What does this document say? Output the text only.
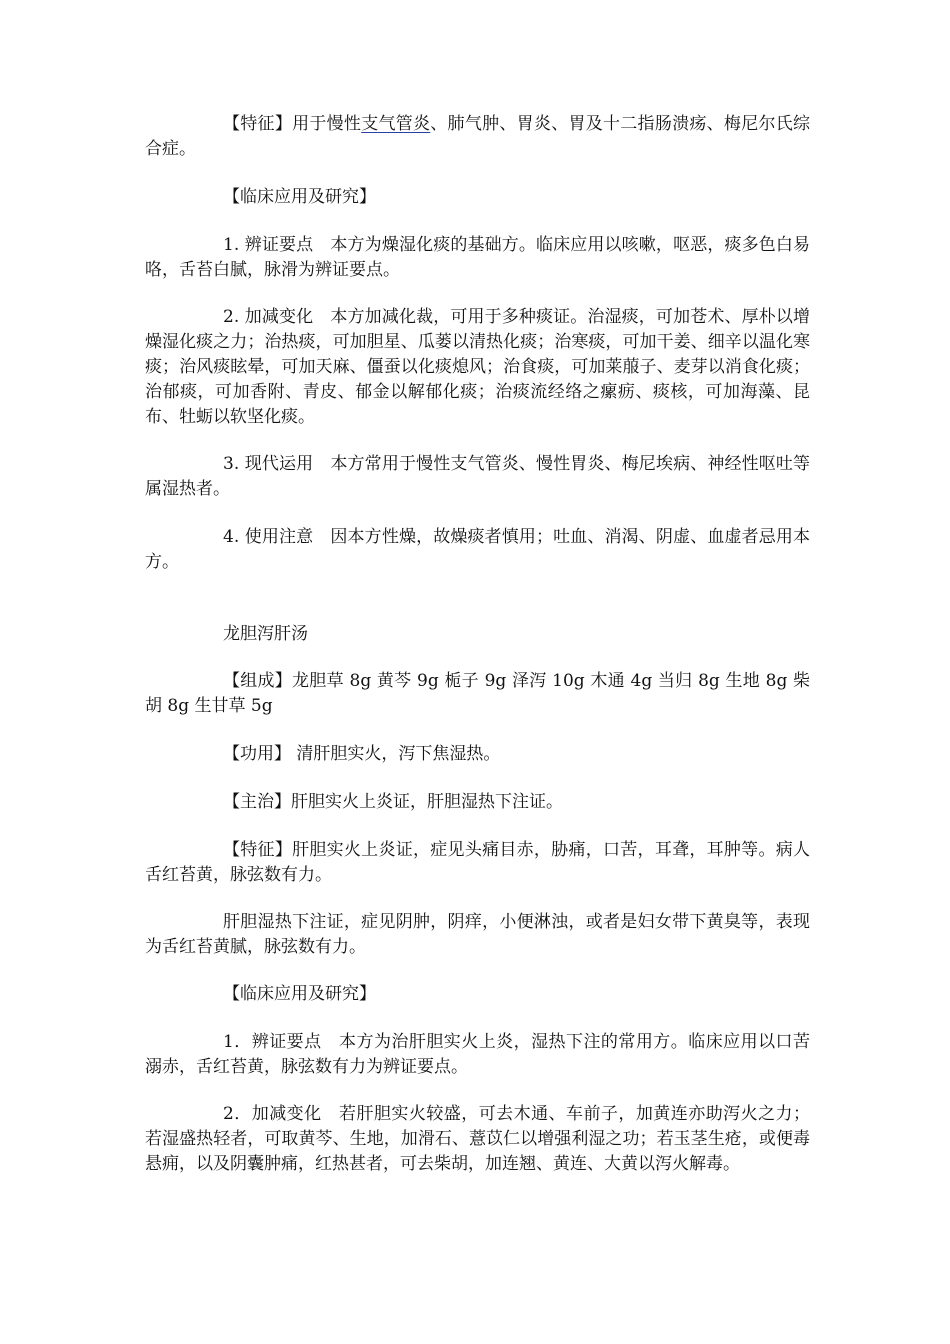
【特征】用于慢性支气管炎、肺气肿、胃炎、胃及十二指肠溃疡、梅尼尔氏综合症。

【临床应用及研究】

1. 辨证要点　本方为燥湿化痰的基础方。临床应用以咳嗽，呕恶，痰多色白易咯，舌苔白腻，脉滑为辨证要点。

2. 加减变化　本方加减化裁，可用于多种痰证。治湿痰，可加苍术、厚朴以增燥湿化痰之力；治热痰，可加胆星、瓜蒌以清热化痰；治寒痰，可加干姜、细辛以温化寒痰；治风痰眩晕，可加天麻、僵蚕以化痰熄风；治食痰，可加莱菔子、麦芽以消食化痰；治郁痰，可加香附、青皮、郁金以解郁化痰；治痰流经络之瘰疬、痰核，可加海藻、昆布、牡蛎以软坚化痰。

3. 现代运用　本方常用于慢性支气管炎、慢性胃炎、梅尼埃病、神经性呕吐等属湿热者。

4. 使用注意　因本方性燥，故燥痰者慎用；吐血、消渴、阴虚、血虚者忌用本方。

龙胆泻肝汤

【组成】龙胆草 8g 黄芩 9g 栀子 9g 泽泻 10g 木通 4g 当归 8g 生地 8g 柴胡 8g 生甘草 5g

【功用】 清肝胆实火，泻下焦湿热。

【主治】肝胆实火上炎证，肝胆湿热下注证。

【特征】肝胆实火上炎证，症见头痛目赤，胁痛，口苦，耳聋，耳肿等。病人舌红苔黄，脉弦数有力。

肝胆湿热下注证，症见阴肿，阴痒，小便淋浊，或者是妇女带下黄臭等，表现为舌红苔黄腻，脉弦数有力。

【临床应用及研究】

1．辨证要点　本方为治肝胆实火上炎，湿热下注的常用方。临床应用以口苦溺赤，舌红苔黄，脉弦数有力为辨证要点。

2．加减变化　若肝胆实火较盛，可去木通、车前子，加黄连亦助泻火之力；若湿盛热轻者，可取黄芩、生地，加滑石、薏苡仁以增强利湿之功；若玉茎生疮，或便毒悬痈，以及阴囊肿痛，红热甚者，可去柴胡，加连翘、黄连、大黄以泻火解毒。
